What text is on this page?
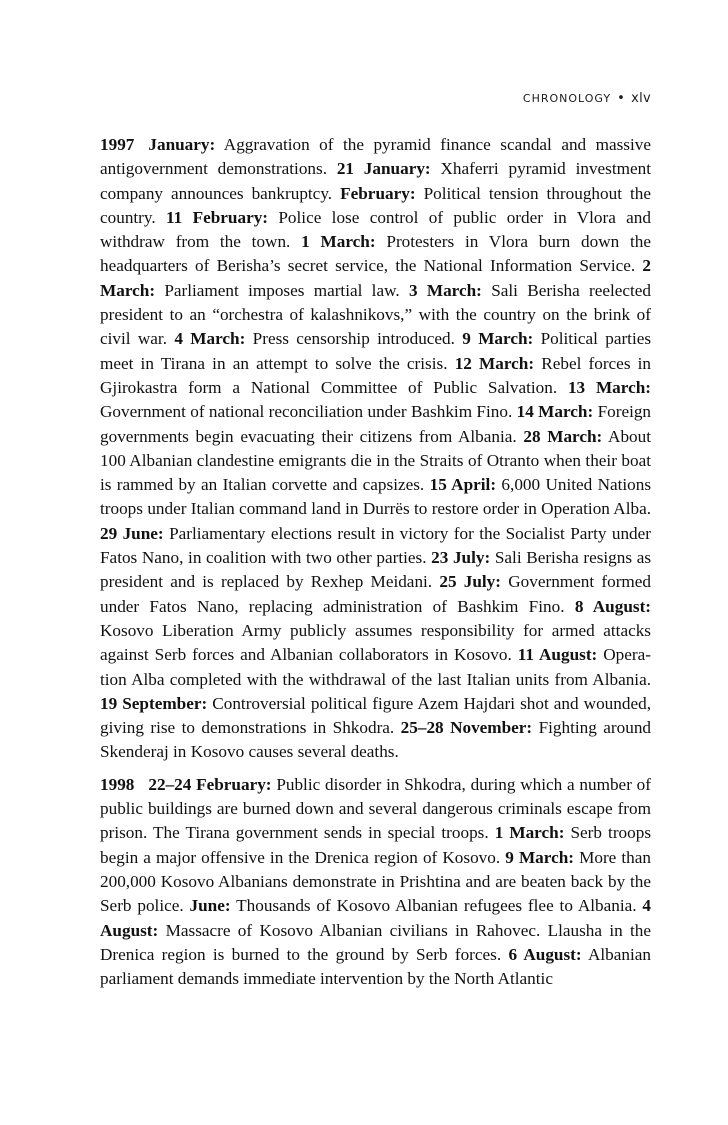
CHRONOLOGY • xlv

1997 January: Aggravation of the pyramid finance scandal and massive antigovernment demonstrations. 21 January: Xhaferri pyramid investment company announces bankruptcy. February: Political tension throughout the country. 11 February: Police lose control of public order in Vlora and withdraw from the town. 1 March: Protesters in Vlora burn down the headquarters of Berisha’s secret service, the National Information Service. 2 March: Parliament imposes martial law. 3 March: Sali Berisha reelected president to an “orchestra of kalashnikovs,” with the country on the brink of civil war. 4 March: Press censorship introduced. 9 March: Political parties meet in Tirana in an attempt to solve the crisis. 12 March: Rebel forces in Gjirokastra form a National Committee of Public Salvation. 13 March: Government of national reconciliation under Bashkim Fino. 14 March: Foreign governments begin evacuating their citizens from Albania. 28 March: About 100 Albanian clandestine emigrants die in the Straits of Otranto when their boat is rammed by an Italian corvette and capsizes. 15 April: 6,000 United Nations troops under Italian command land in Durrës to restore order in Operation Alba. 29 June: Parliamentary elections result in victory for the Socialist Party under Fatos Nano, in coalition with two other parties. 23 July: Sali Berisha resigns as president and is replaced by Rexhep Meidani. 25 July: Government formed under Fatos Nano, replacing administration of Bashkim Fino. 8 August: Kosovo Liberation Army publicly assumes responsibility for armed attacks against Serb forces and Albanian collaborators in Kosovo. 11 August: Operation Alba completed with the withdrawal of the last Italian units from Albania. 19 September: Controversial political figure Azem Hajdari shot and wounded, giving rise to demonstrations in Shkodra. 25–28 November: Fighting around Skenderaj in Kosovo causes several deaths.

1998 22–24 February: Public disorder in Shkodra, during which a number of public buildings are burned down and several dangerous criminals escape from prison. The Tirana government sends in special troops. 1 March: Serb troops begin a major offensive in the Drenica region of Kosovo. 9 March: More than 200,000 Kosovo Albanians demonstrate in Prishtina and are beaten back by the Serb police. June: Thousands of Kosovo Albanian refugees flee to Albania. 4 August: Massacre of Kosovo Albanian civilians in Rahovec. Llausha in the Drenica region is burned to the ground by Serb forces. 6 August: Albanian parliament demands immediate intervention by the North Atlantic
